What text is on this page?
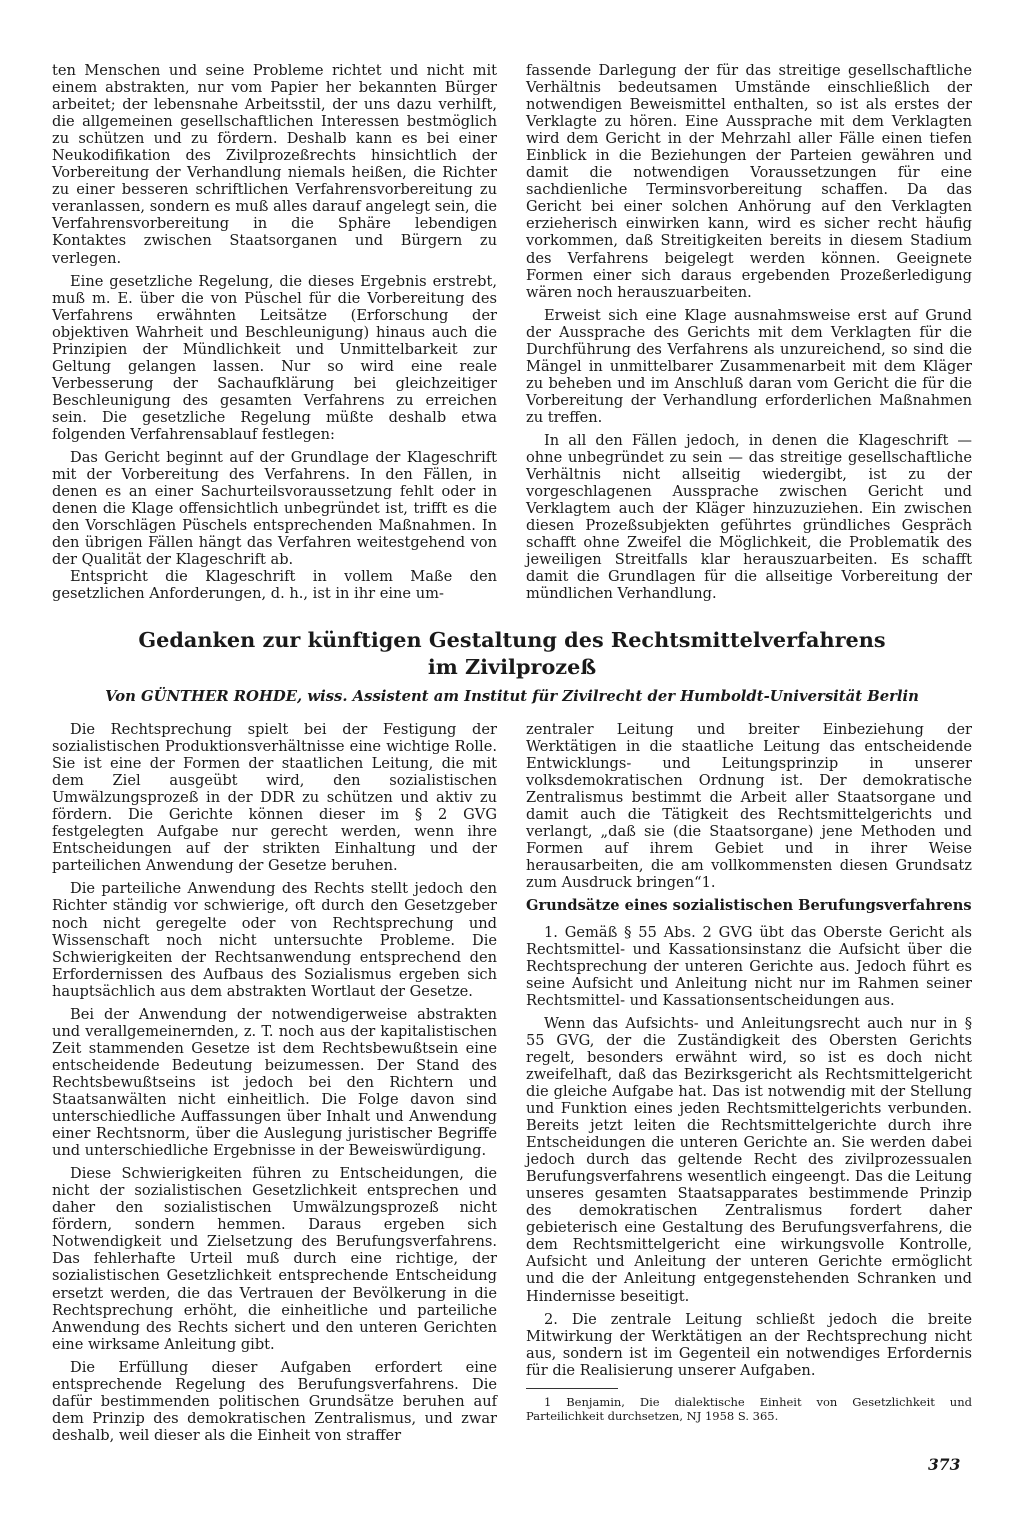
ten Menschen und seine Probleme richtet und nicht mit einem abstrakten, nur vom Papier her bekannten Bürger arbeitet; der lebensnahe Arbeitsstil, der uns dazu verhilft, die allgemeinen gesellschaftlichen Interessen bestmöglich zu schützen und zu fördern. Deshalb kann es bei einer Neukodifikation des Zivilprozeßrechts hinsichtlich der Vorbereitung der Verhandlung niemals heißen, die Richter zu einer besseren schriftlichen Verfahrensvorbereitung zu veranlassen, sondern es muß alles darauf angelegt sein, die Verfahrensvorbereitung in die Sphäre lebendigen Kontaktes zwischen Staatsorganen und Bürgern zu verlegen.

Eine gesetzliche Regelung, die dieses Ergebnis erstrebt, muß m. E. über die von Püschel für die Vorbereitung des Verfahrens erwähnten Leitsätze (Erforschung der objektiven Wahrheit und Beschleunigung) hinaus auch die Prinzipien der Mündlichkeit und Unmittelbarkeit zur Geltung gelangen lassen. Nur so wird eine reale Verbesserung der Sachaufklärung bei gleichzeitiger Beschleunigung des gesamten Verfahrens zu erreichen sein. Die gesetzliche Regelung müßte deshalb etwa folgenden Verfahrensablauf festlegen:

Das Gericht beginnt auf der Grundlage der Klageschrift mit der Vorbereitung des Verfahrens. In den Fällen, in denen es an einer Sachurteilsvoraussetzung fehlt oder in denen die Klage offensichtlich unbegründet ist, trifft es die den Vorschlägen Püschels entsprechenden Maßnahmen. In den übrigen Fällen hängt das Verfahren weitestgehend von der Qualität der Klageschrift ab.

Entspricht die Klageschrift in vollem Maße den gesetzlichen Anforderungen, d. h., ist in ihr eine um-

fassende Darlegung der für das streitige gesellschaftliche Verhältnis bedeutsamen Umstände einschließlich der notwendigen Beweismittel enthalten, so ist als erstes der Verklagte zu hören. Eine Aussprache mit dem Verklagten wird dem Gericht in der Mehrzahl aller Fälle einen tiefen Einblick in die Beziehungen der Parteien gewähren und damit die notwendigen Voraussetzungen für eine sachdienliche Terminsvorbereitung schaffen. Da das Gericht bei einer solchen Anhörung auf den Verklagten erzieherisch einwirken kann, wird es sicher recht häufig vorkommen, daß Streitigkeiten bereits in diesem Stadium des Verfahrens beigelegt werden können. Geeignete Formen einer sich daraus ergebenden Prozeßerledigung wären noch herauszuarbeiten.

Erweist sich eine Klage ausnahmsweise erst auf Grund der Aussprache des Gerichts mit dem Verklagten für die Durchführung des Verfahrens als unzureichend, so sind die Mängel in unmittelbarer Zusammenarbeit mit dem Kläger zu beheben und im Anschluß daran vom Gericht die für die Vorbereitung der Verhandlung erforderlichen Maßnahmen zu treffen.

In all den Fällen jedoch, in denen die Klageschrift — ohne unbegründet zu sein — das streitige gesellschaftliche Verhältnis nicht allseitig wiedergibt, ist zu der vorgeschlagenen Aussprache zwischen Gericht und Verklagtem auch der Kläger hinzuzuziehen. Ein zwischen diesen Prozeßsubjekten geführtes gründliches Gespräch schafft ohne Zweifel die Möglichkeit, die Problematik des jeweiligen Streitfalls klar herauszuarbeiten. Es schafft damit die Grundlagen für die allseitige Vorbereitung der mündlichen Verhandlung.

Gedanken zur künftigen Gestaltung des Rechtsmittelverfahrens
im Zivilprozeß
Von GÜNTHER ROHDE, wiss. Assistent am Institut für Zivilrecht der Humboldt-Universität Berlin

Die Rechtsprechung spielt bei der Festigung der sozialistischen Produktionsverhältnisse eine wichtige Rolle. Sie ist eine der Formen der staatlichen Leitung, die mit dem Ziel ausgeübt wird, den sozialistischen Umwälzungsprozeß in der DDR zu schützen und aktiv zu fördern. Die Gerichte können dieser im § 2 GVG festgelegten Aufgabe nur gerecht werden, wenn ihre Entscheidungen auf der strikten Einhaltung und der parteilichen Anwendung der Gesetze beruhen.

Die parteiliche Anwendung des Rechts stellt jedoch den Richter ständig vor schwierige, oft durch den Gesetzgeber noch nicht geregelte oder von Rechtsprechung und Wissenschaft noch nicht untersuchte Probleme. Die Schwierigkeiten der Rechtsanwendung entsprechend den Erfordernissen des Aufbaus des Sozialismus ergeben sich hauptsächlich aus dem abstrakten Wortlaut der Gesetze.

Bei der Anwendung der notwendigerweise abstrakten und verallgemeinernden, z. T. noch aus der kapitalistischen Zeit stammenden Gesetze ist dem Rechtsbewußtsein eine entscheidende Bedeutung beizumessen. Der Stand des Rechtsbewußtseins ist jedoch bei den Richtern und Staatsanwälten nicht einheitlich. Die Folge davon sind unterschiedliche Auffassungen über Inhalt und Anwendung einer Rechtsnorm, über die Auslegung juristischer Begriffe und unterschiedliche Ergebnisse in der Beweiswürdigung.

Diese Schwierigkeiten führen zu Entscheidungen, die nicht der sozialistischen Gesetzlichkeit entsprechen und daher den sozialistischen Umwälzungsprozeß nicht fördern, sondern hemmen. Daraus ergeben sich Notwendigkeit und Zielsetzung des Berufungsverfahrens. Das fehlerhafte Urteil muß durch eine richtige, der sozialistischen Gesetzlichkeit entsprechende Entscheidung ersetzt werden, die das Vertrauen der Bevölkerung in die Rechtsprechung erhöht, die einheitliche und parteiliche Anwendung des Rechts sichert und den unteren Gerichten eine wirksame Anleitung gibt.

Die Erfüllung dieser Aufgaben erfordert eine entsprechende Regelung des Berufungsverfahrens. Die dafür bestimmenden politischen Grundsätze beruhen auf dem Prinzip des demokratischen Zentralismus, und zwar deshalb, weil dieser als die Einheit von straffer

zentraler Leitung und breiter Einbeziehung der Werktätigen in die staatliche Leitung das entscheidende Entwicklungs- und Leitungsprinzip in unserer volksdemokratischen Ordnung ist. Der demokratische Zentralismus bestimmt die Arbeit aller Staatsorgane und damit auch die Tätigkeit des Rechtsmittelgerichts und verlangt, „daß sie (die Staatsorgane) jene Methoden und Formen auf ihrem Gebiet und in ihrer Weise herausarbeiten, die am vollkommensten diesen Grundsatz zum Ausdruck bringen“1.

Grundsätze eines sozialistischen Berufungsverfahrens

1. Gemäß § 55 Abs. 2 GVG übt das Oberste Gericht als Rechtsmittel- und Kassationsinstanz die Aufsicht über die Rechtsprechung der unteren Gerichte aus. Jedoch führt es seine Aufsicht und Anleitung nicht nur im Rahmen seiner Rechtsmittel- und Kassationsentscheidungen aus.

Wenn das Aufsichts- und Anleitungsrecht auch nur in § 55 GVG, der die Zuständigkeit des Obersten Gerichts regelt, besonders erwähnt wird, so ist es doch nicht zweifelhaft, daß das Bezirksgericht als Rechtsmittelgericht die gleiche Aufgabe hat. Das ist notwendig mit der Stellung und Funktion eines jeden Rechtsmittelgerichts verbunden. Bereits jetzt leiten die Rechtsmittelgerichte durch ihre Entscheidungen die unteren Gerichte an. Sie werden dabei jedoch durch das geltende Recht des zivilprozessualen Berufungsverfahrens wesentlich eingeengt. Das die Leitung unseres gesamten Staatsapparates bestimmende Prinzip des demokratischen Zentralismus fordert daher gebieterisch eine Gestaltung des Berufungsverfahrens, die dem Rechtsmittelgericht eine wirkungsvolle Kontrolle, Aufsicht und Anleitung der unteren Gerichte ermöglicht und die der Anleitung entgegenstehenden Schranken und Hindernisse beseitigt.

2. Die zentrale Leitung schließt jedoch die breite Mitwirkung der Werktätigen an der Rechtsprechung nicht aus, sondern ist im Gegenteil ein notwendiges Erfordernis für die Realisierung unserer Aufgaben.

1 Benjamin, Die dialektische Einheit von Gesetzlichkeit und Parteilichkeit durchsetzen, NJ 1958 S. 365.
373
